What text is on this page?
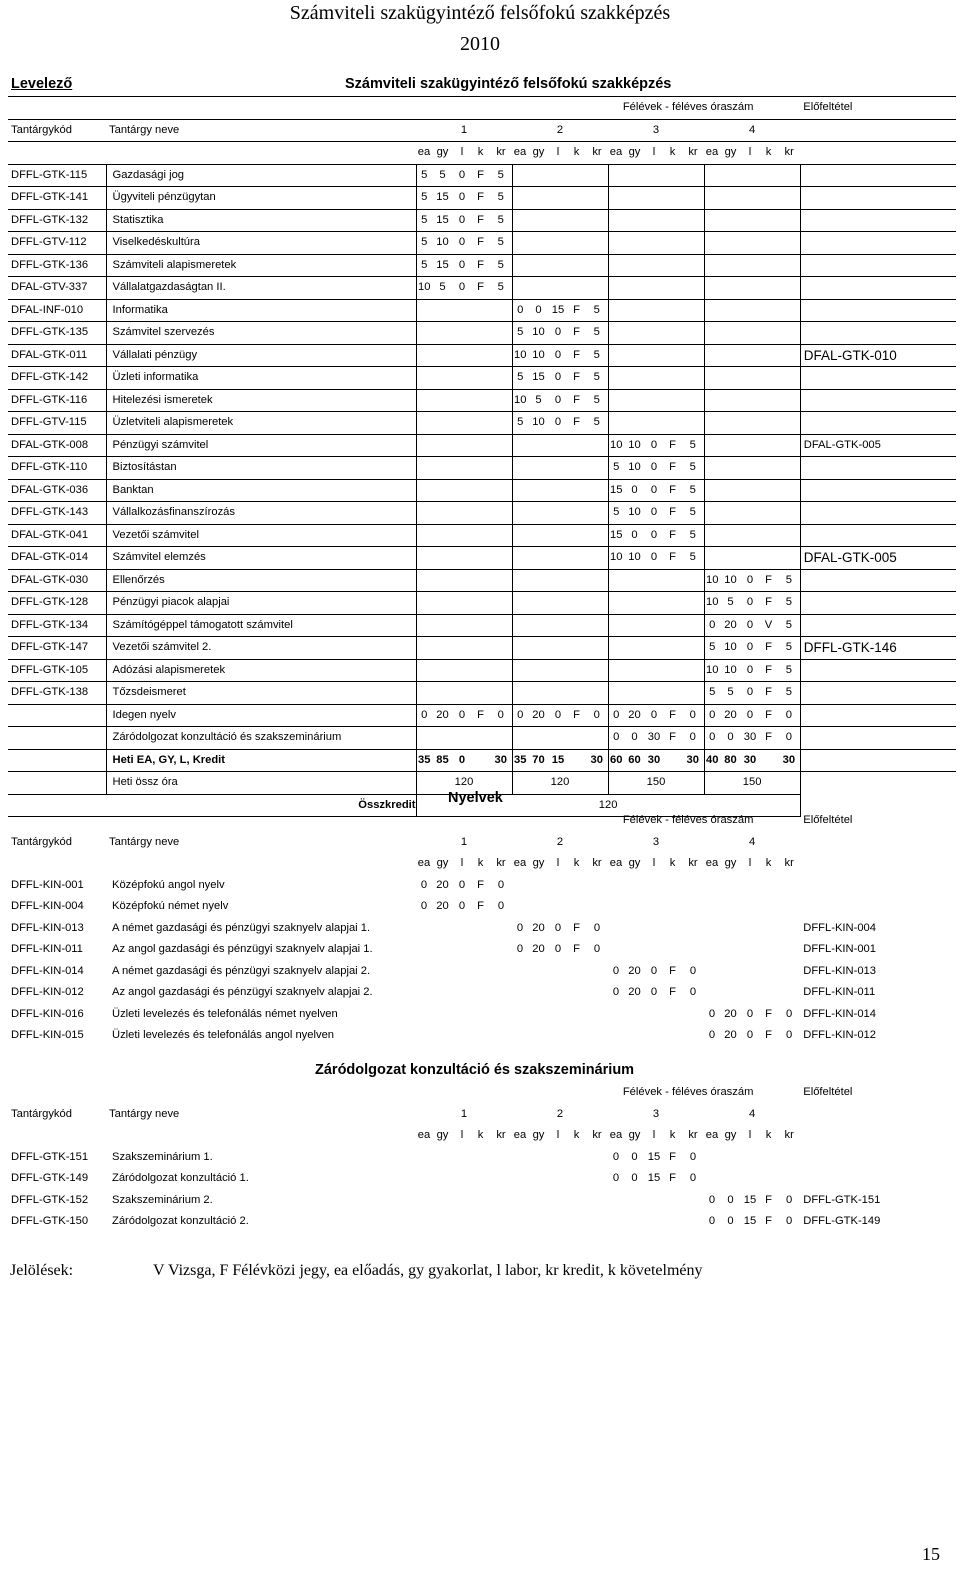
Számviteli szakügyintéző felsőfokú szakképzés
2010
Levelező	Számviteli szakügyintéző felsőfokú szakképzés
		Félévek - féléves óraszám																				Előfeltétel
Tantárgykód	Tantárgy neve	1					2					3					4					
		ea	gy	l	k	kr	ea	gy	l	k	kr	ea	gy	l	k	kr	ea	gy	l	k	kr	
DFFL-GTK-115	Gazdasági jog	5	5	0	F	5																
DFFL-GTK-141	Ügyviteli pénzügytan	5	15	0	F	5																
DFFL-GTK-132	Statisztika	5	15	0	F	5																
DFFL-GTV-112	Viselkedéskultúra	5	10	0	F	5																
DFFL-GTK-136	Számviteli alapismeretek	5	15	0	F	5																
DFAL-GTV-337	Vállalatgazdaságtan II.	10	5	0	F	5																
DFAL-INF-010	Informatika						0	0	15	F	5											
DFFL-GTK-135	Számvitel szervezés						5	10	0	F	5											
DFAL-GTK-011	Vállalati pénzügy						10	10	0	F	5											DFAL-GTK-010
DFFL-GTK-142	Üzleti informatika						5	15	0	F	5											
DFFL-GTK-116	Hitelezési ismeretek						10	5	0	F	5											
DFFL-GTV-115	Üzletviteli alapismeretek						5	10	0	F	5											
DFAL-GTK-008	Pénzügyi számvitel											10	10	0	F	5						DFAL-GTK-005
DFFL-GTK-110	Biztosítástan											5	10	0	F	5						
DFAL-GTK-036	Banktan											15	0	0	F	5						
DFFL-GTK-143	Vállalkozásfinanszírozás											5	10	0	F	5						
DFAL-GTK-041	Vezetői számvitel											15	0	0	F	5						
DFAL-GTK-014	Számvitel elemzés											10	10	0	F	5						DFAL-GTK-005
DFAL-GTK-030	Ellenőrzés																10	10	0	F	5	
DFFL-GTK-128	Pénzügyi piacok alapjai																10	5	0	F	5	
DFFL-GTK-134	Számítógéppel támogatott számvitel																0	20	0	V	5	
DFFL-GTK-147	Vezetői számvitel 2.																5	10	0	F	5	DFFL-GTK-146
DFFL-GTK-105	Adózási alapismeretek																10	10	0	F	5	
DFFL-GTK-138	Tőzsdeismeret																5	5	0	F	5	
	Idegen nyelv	0	20	0	F	0	0	20	0	F	0	0	20	0	F	0	0	20	0	F	0	
	Záródolgozat konzultáció és szakszeminárium											0	0	30	F	0	0	0	30	F	0	
	Heti EA, GY, L, Kredit	35	85	0		30	35	70	15		30	60	60	30		30	40	80	30		30	
	Heti össz óra	120					120					150					150					
	Összkredit	120																				
Nyelvek
		Félévek - féléves óraszám																				Előfeltétel
Tantárgykód	Tantárgy neve	1					2					3					4					
		ea	gy	l	k	kr	ea	gy	l	k	kr	ea	gy	l	k	kr	ea	gy	l	k	kr	
DFFL-KIN-001	Középfokú angol nyelv	0	20	0	F	0																
DFFL-KIN-004	Középfokú német nyelv	0	20	0	F	0																
DFFL-KIN-013	A német gazdasági és pénzügyi szaknyelv alapjai 1.						0	20	0	F	0											DFFL-KIN-004
DFFL-KIN-011	Az angol gazdasági és pénzügyi szaknyelv alapjai 1.						0	20	0	F	0											DFFL-KIN-001
DFFL-KIN-014	A német gazdasági és pénzügyi szaknyelv alapjai 2.											0	20	0	F	0						DFFL-KIN-013
DFFL-KIN-012	Az angol gazdasági és pénzügyi szaknyelv alapjai 2.											0	20	0	F	0						DFFL-KIN-011
DFFL-KIN-016	Üzleti levelezés és telefonálás német nyelven																0	20	0	F	0	DFFL-KIN-014
DFFL-KIN-015	Üzleti levelezés és telefonálás angol nyelven																0	20	0	F	0	DFFL-KIN-012
Záródolgozat konzultáció és szakszeminárium
		Félévek - féléves óraszám																				Előfeltétel
Tantárgykód	Tantárgy neve	1					2					3					4					
		ea	gy	l	k	kr	ea	gy	l	k	kr	ea	gy	l	k	kr	ea	gy	l	k	kr	
DFFL-GTK-151	Szakszeminárium 1.											0	0	15	F	0						
DFFL-GTK-149	Záródolgozat konzultáció 1.											0	0	15	F	0						
DFFL-GTK-152	Szakszeminárium 2.																0	0	15	F	0	DFFL-GTK-151
DFFL-GTK-150	Záródolgozat konzultáció 2.																0	0	15	F	0	DFFL-GTK-149
Jelölések:	V Vizsga, F Félévközi jegy, ea előadás, gy gyakorlat, l labor, kr kredit, k követelmény
15
